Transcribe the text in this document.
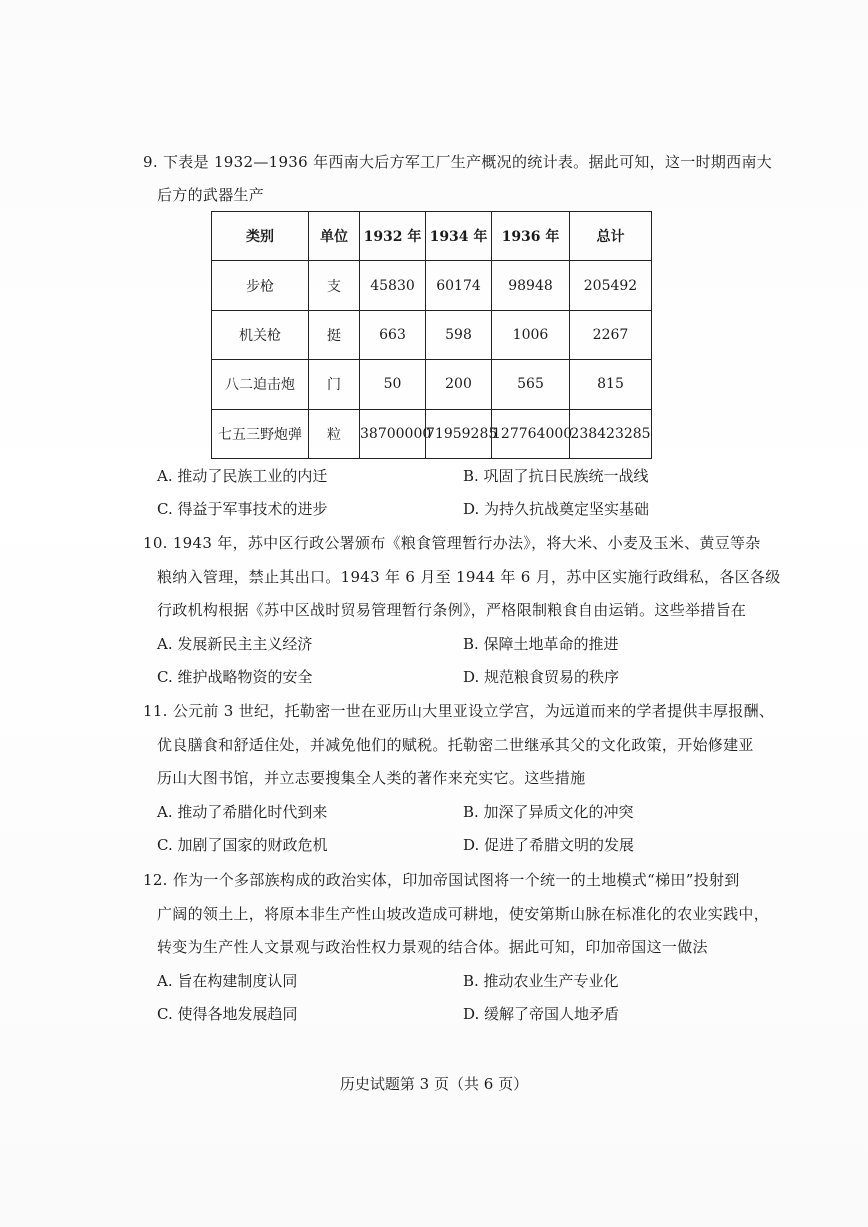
9. 下表是 1932—1936 年西南大后方军工厂生产概况的统计表。据此可知，这一时期西南大
后方的武器生产
类别	单位	1932 年	1934 年	1936 年	总计
步枪	支	45830	60174	98948	205492
机关枪	挺	663	598	1006	2267
八二迫击炮	门	50	200	565	815
七五三野炮弹	粒	38700000	71959285	127764000	238423285
A. 推动了民族工业的内迁	B. 巩固了抗日民族统一战线
C. 得益于军事技术的进步	D. 为持久抗战奠定坚实基础
10. 1943 年，苏中区行政公署颁布《粮食管理暂行办法》，将大米、小麦及玉米、黄豆等杂
粮纳入管理，禁止其出口。1943 年 6 月至 1944 年 6 月，苏中区实施行政缉私，各区各级
行政机构根据《苏中区战时贸易管理暂行条例》，严格限制粮食自由运销。这些举措旨在
A. 发展新民主主义经济	B. 保障土地革命的推进
C. 维护战略物资的安全	D. 规范粮食贸易的秩序
11. 公元前 3 世纪，托勒密一世在亚历山大里亚设立学宫，为远道而来的学者提供丰厚报酬、
优良膳食和舒适住处，并减免他们的赋税。托勒密二世继承其父的文化政策，开始修建亚
历山大图书馆，并立志要搜集全人类的著作来充实它。这些措施
A. 推动了希腊化时代到来	B. 加深了异质文化的冲突
C. 加剧了国家的财政危机	D. 促进了希腊文明的发展
12. 作为一个多部族构成的政治实体，印加帝国试图将一个统一的土地模式“梯田”投射到
广阔的领土上，将原本非生产性山坡改造成可耕地，使安第斯山脉在标准化的农业实践中，
转变为生产性人文景观与政治性权力景观的结合体。据此可知，印加帝国这一做法
A. 旨在构建制度认同	B. 推动农业生产专业化
C. 使得各地发展趋同	D. 缓解了帝国人地矛盾
历史试题第 3 页（共 6 页）
